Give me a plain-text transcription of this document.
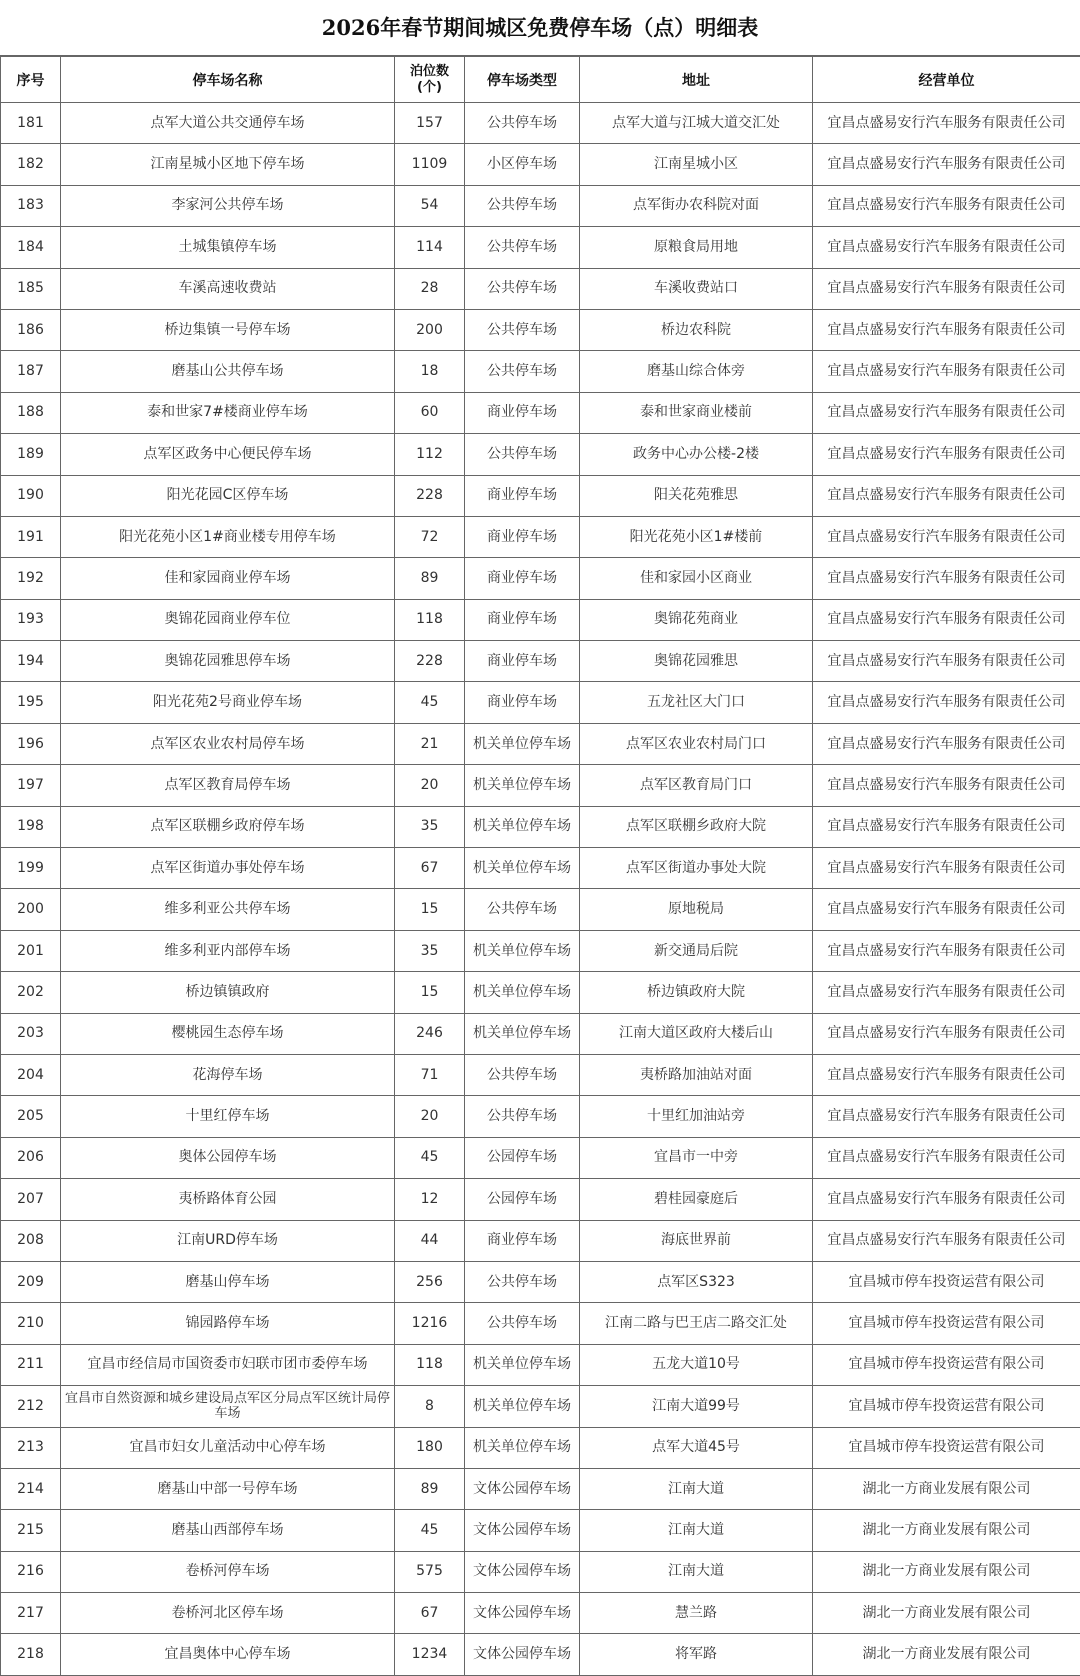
2026年春节期间城区免费停车场（点）明细表
序号	停车场名称	泊位数
(个)	停车场类型	地址	经营单位
181	点军大道公共交通停车场	157	公共停车场	点军大道与江城大道交汇处	宜昌点盛易安行汽车服务有限责任公司
182	江南星城小区地下停车场	1109	小区停车场	江南星城小区	宜昌点盛易安行汽车服务有限责任公司
183	李家河公共停车场	54	公共停车场	点军街办农科院对面	宜昌点盛易安行汽车服务有限责任公司
184	土城集镇停车场	114	公共停车场	原粮食局用地	宜昌点盛易安行汽车服务有限责任公司
185	车溪高速收费站	28	公共停车场	车溪收费站口	宜昌点盛易安行汽车服务有限责任公司
186	桥边集镇一号停车场	200	公共停车场	桥边农科院	宜昌点盛易安行汽车服务有限责任公司
187	磨基山公共停车场	18	公共停车场	磨基山综合体旁	宜昌点盛易安行汽车服务有限责任公司
188	泰和世家7#楼商业停车场	60	商业停车场	泰和世家商业楼前	宜昌点盛易安行汽车服务有限责任公司
189	点军区政务中心便民停车场	112	公共停车场	政务中心办公楼-2楼	宜昌点盛易安行汽车服务有限责任公司
190	阳光花园C区停车场	228	商业停车场	阳关花苑雅思	宜昌点盛易安行汽车服务有限责任公司
191	阳光花苑小区1#商业楼专用停车场	72	商业停车场	阳光花苑小区1#楼前	宜昌点盛易安行汽车服务有限责任公司
192	佳和家园商业停车场	89	商业停车场	佳和家园小区商业	宜昌点盛易安行汽车服务有限责任公司
193	奥锦花园商业停车位	118	商业停车场	奥锦花苑商业	宜昌点盛易安行汽车服务有限责任公司
194	奥锦花园雅思停车场	228	商业停车场	奥锦花园雅思	宜昌点盛易安行汽车服务有限责任公司
195	阳光花苑2号商业停车场	45	商业停车场	五龙社区大门口	宜昌点盛易安行汽车服务有限责任公司
196	点军区农业农村局停车场	21	机关单位停车场	点军区农业农村局门口	宜昌点盛易安行汽车服务有限责任公司
197	点军区教育局停车场	20	机关单位停车场	点军区教育局门口	宜昌点盛易安行汽车服务有限责任公司
198	点军区联棚乡政府停车场	35	机关单位停车场	点军区联棚乡政府大院	宜昌点盛易安行汽车服务有限责任公司
199	点军区街道办事处停车场	67	机关单位停车场	点军区街道办事处大院	宜昌点盛易安行汽车服务有限责任公司
200	维多利亚公共停车场	15	公共停车场	原地税局	宜昌点盛易安行汽车服务有限责任公司
201	维多利亚内部停车场	35	机关单位停车场	新交通局后院	宜昌点盛易安行汽车服务有限责任公司
202	桥边镇镇政府	15	机关单位停车场	桥边镇政府大院	宜昌点盛易安行汽车服务有限责任公司
203	樱桃园生态停车场	246	机关单位停车场	江南大道区政府大楼后山	宜昌点盛易安行汽车服务有限责任公司
204	花海停车场	71	公共停车场	夷桥路加油站对面	宜昌点盛易安行汽车服务有限责任公司
205	十里红停车场	20	公共停车场	十里红加油站旁	宜昌点盛易安行汽车服务有限责任公司
206	奥体公园停车场	45	公园停车场	宜昌市一中旁	宜昌点盛易安行汽车服务有限责任公司
207	夷桥路体育公园	12	公园停车场	碧桂园豪庭后	宜昌点盛易安行汽车服务有限责任公司
208	江南URD停车场	44	商业停车场	海底世界前	宜昌点盛易安行汽车服务有限责任公司
209	磨基山停车场	256	公共停车场	点军区S323	宜昌城市停车投资运营有限公司
210	锦园路停车场	1216	公共停车场	江南二路与巴王店二路交汇处	宜昌城市停车投资运营有限公司
211	宜昌市经信局市国资委市妇联市团市委停车场	118	机关单位停车场	五龙大道10号	宜昌城市停车投资运营有限公司
212	宜昌市自然资源和城乡建设局点军区分局点军区统计局停车场	8	机关单位停车场	江南大道99号	宜昌城市停车投资运营有限公司
213	宜昌市妇女儿童活动中心停车场	180	机关单位停车场	点军大道45号	宜昌城市停车投资运营有限公司
214	磨基山中部一号停车场	89	文体公园停车场	江南大道	湖北一方商业发展有限公司
215	磨基山西部停车场	45	文体公园停车场	江南大道	湖北一方商业发展有限公司
216	卷桥河停车场	575	文体公园停车场	江南大道	湖北一方商业发展有限公司
217	卷桥河北区停车场	67	文体公园停车场	慧兰路	湖北一方商业发展有限公司
218	宜昌奥体中心停车场	1234	文体公园停车场	将军路	湖北一方商业发展有限公司
